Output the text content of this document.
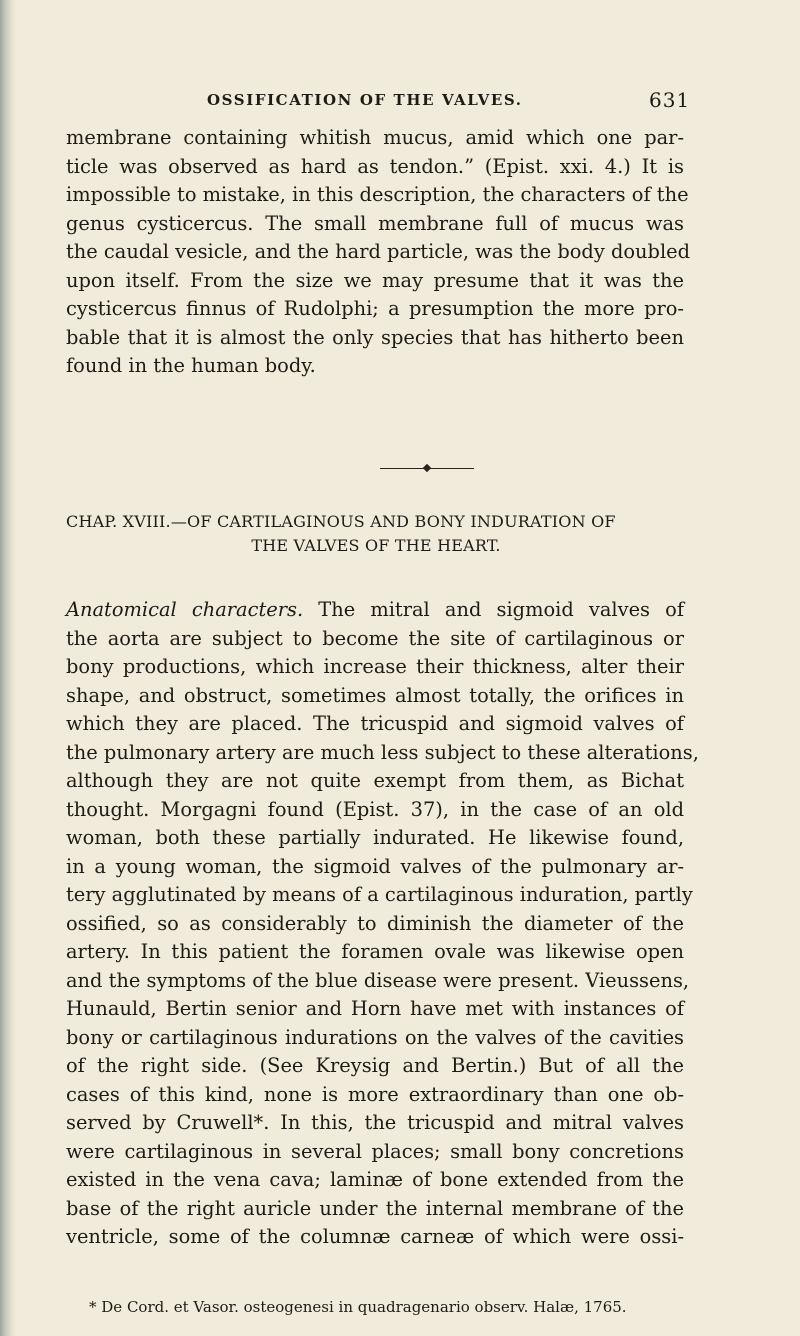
OSSIFICATION OF THE VALVES.	631
membrane containing whitish mucus, amid which one par-
ticle was observed as hard as tendon.” (Epist. xxi. 4.) It is
impossible to mistake, in this description, the characters of the
genus cysticercus. The small membrane full of mucus was
the caudal vesicle, and the hard particle, was the body doubled
upon itself. From the size we may presume that it was the
cysticercus finnus of Rudolphi; a presumption the more pro-
bable that it is almost the only species that has hitherto been
found in the human body.
CHAP. XVIII.—OF CARTILAGINOUS AND BONY INDURATION OF
THE VALVES OF THE HEART.
Anatomical characters. The mitral and sigmoid valves of
the aorta are subject to become the site of cartilaginous or
bony productions, which increase their thickness, alter their
shape, and obstruct, sometimes almost totally, the orifices in
which they are placed. The tricuspid and sigmoid valves of
the pulmonary artery are much less subject to these alterations,
although they are not quite exempt from them, as Bichat
thought. Morgagni found (Epist. 37), in the case of an old
woman, both these partially indurated. He likewise found,
in a young woman, the sigmoid valves of the pulmonary ar-
tery agglutinated by means of a cartilaginous induration, partly
ossified, so as considerably to diminish the diameter of the
artery. In this patient the foramen ovale was likewise open
and the symptoms of the blue disease were present. Vieussens,
Hunauld, Bertin senior and Horn have met with instances of
bony or cartilaginous indurations on the valves of the cavities
of the right side. (See Kreysig and Bertin.) But of all the
cases of this kind, none is more extraordinary than one ob-
served by Cruwell*. In this, the tricuspid and mitral valves
were cartilaginous in several places; small bony concretions
existed in the vena cava; laminæ of bone extended from the
base of the right auricle under the internal membrane of the
ventricle, some of the columnæ carneæ of which were ossi-
* De Cord. et Vasor. osteogenesi in quadragenario observ. Halæ, 1765.
